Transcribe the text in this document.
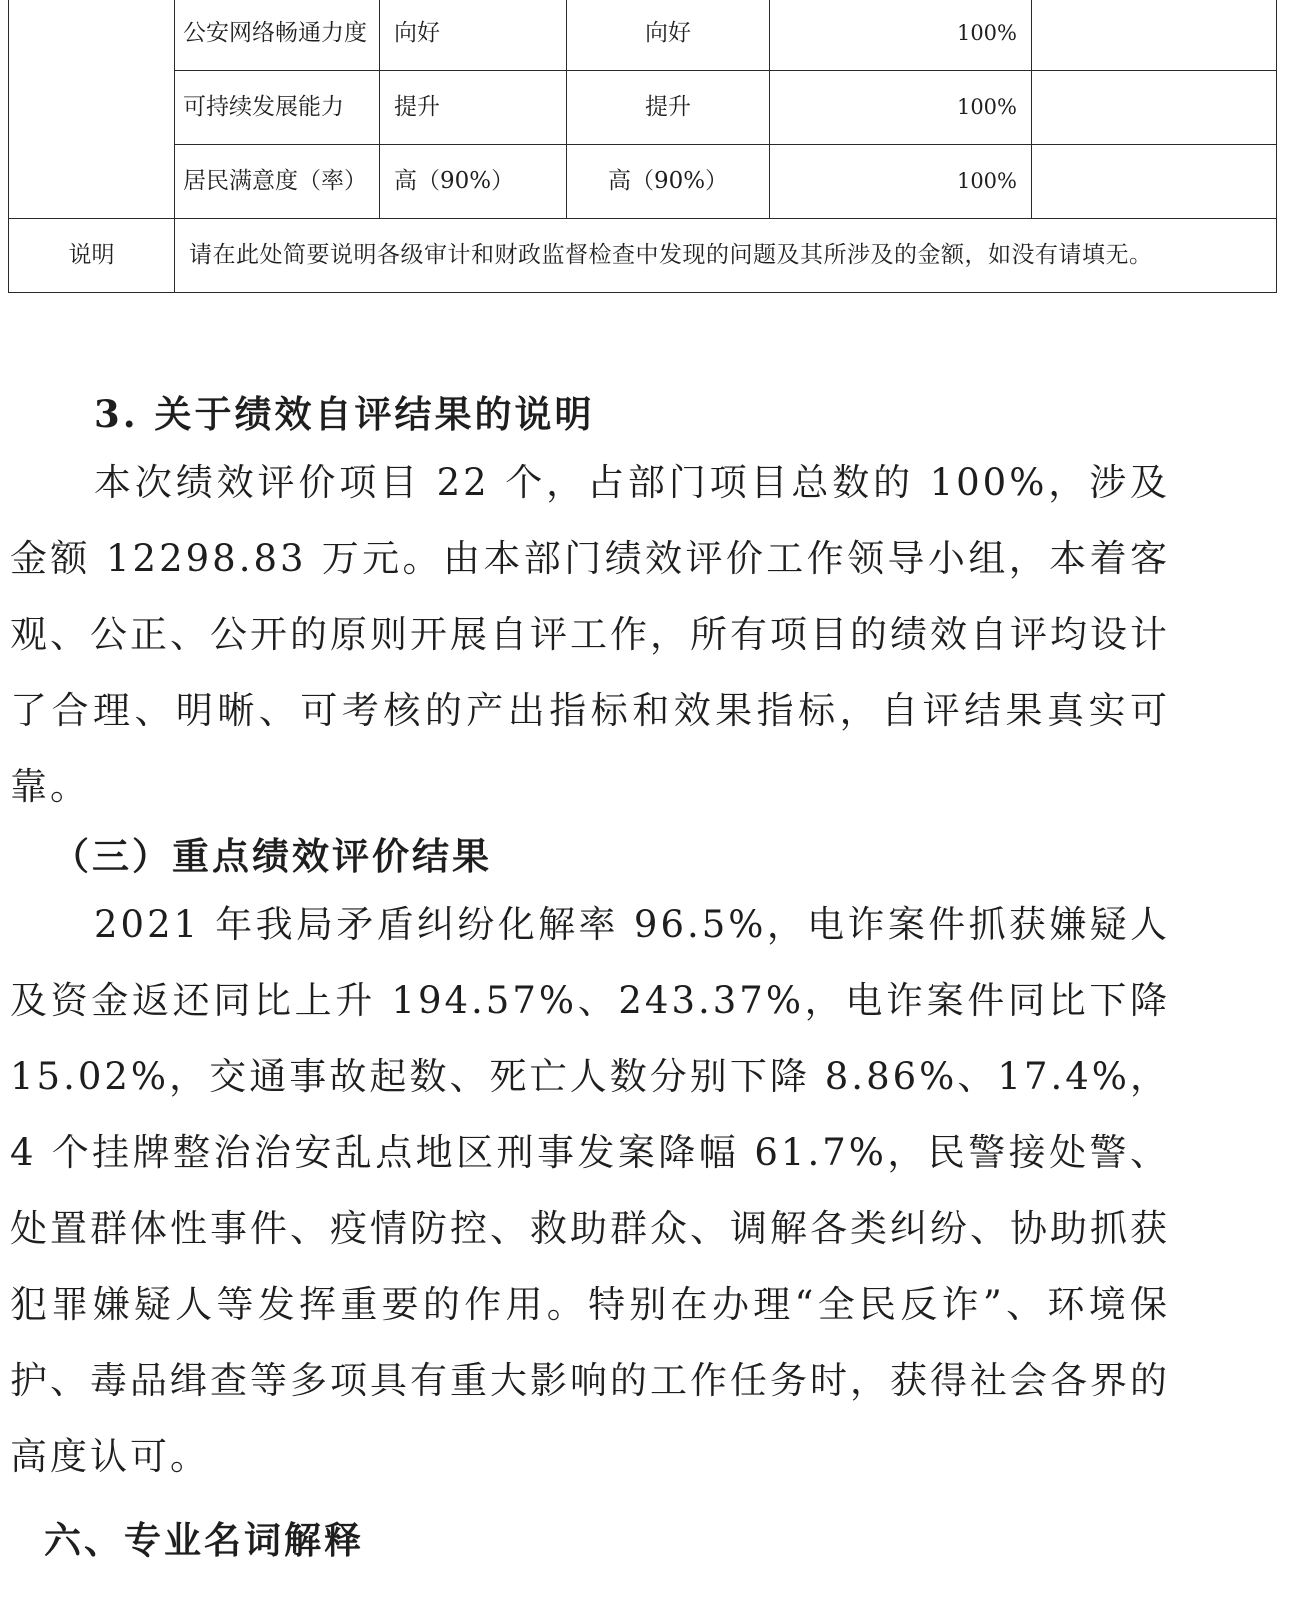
	公安网络畅通力度	向好	向好	100%	
	可持续发展能力	提升	提升	100%	
	居民满意度（率）	高（90%）	高（90%）	100%	
说明	请在此处简要说明各级审计和财政监督检查中发现的问题及其所涉及的金额，如没有请填无。				
3. 关于绩效自评结果的说明

本次绩效评价项目 22 个，占部门项目总数的 100%，涉及金额 12298.83 万元。由本部门绩效评价工作领导小组，本着客观、公正、公开的原则开展自评工作，所有项目的绩效自评均设计了合理、明晰、可考核的产出指标和效果指标，自评结果真实可靠。

（三）重点绩效评价结果

2021 年我局矛盾纠纷化解率 96.5%，电诈案件抓获嫌疑人及资金返还同比上升 194.57%、243.37%，电诈案件同比下降 15.02%，交通事故起数、死亡人数分别下降 8.86%、17.4%，4 个挂牌整治治安乱点地区刑事发案降幅 61.7%，民警接处警、处置群体性事件、疫情防控、救助群众、调解各类纠纷、协助抓获犯罪嫌疑人等发挥重要的作用。特别在办理“全民反诈”、环境保护、毒品缉查等多项具有重大影响的工作任务时，获得社会各界的高度认可。

六、专业名词解释
